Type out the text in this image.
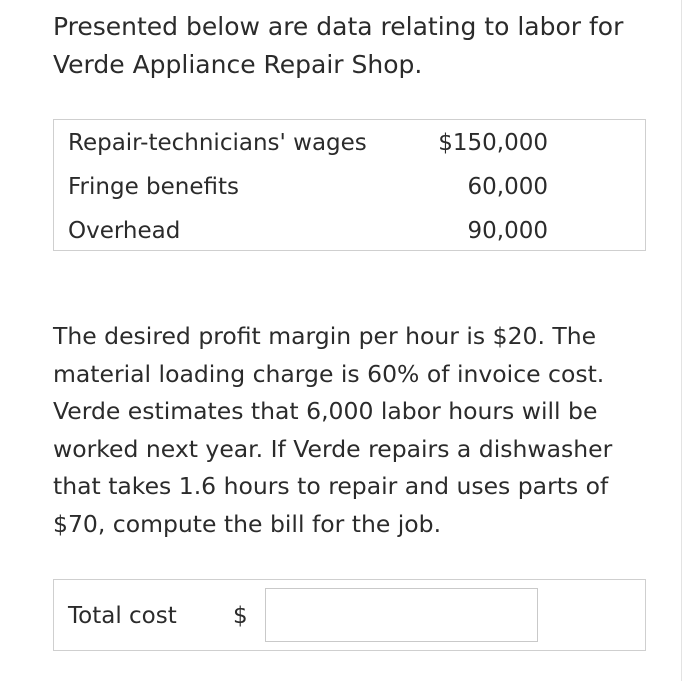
Presented below are data relating to labor for
Verde Appliance Repair Shop.

Repair-technicians' wages	$150,000
Fringe benefits	60,000
Overhead	90,000

The desired profit margin per hour is $20. The
material loading charge is 60% of invoice cost.
Verde estimates that 6,000 labor hours will be
worked next year. If Verde repairs a dishwasher
that takes 1.6 hours to repair and uses parts of
$70, compute the bill for the job.

Total cost $
